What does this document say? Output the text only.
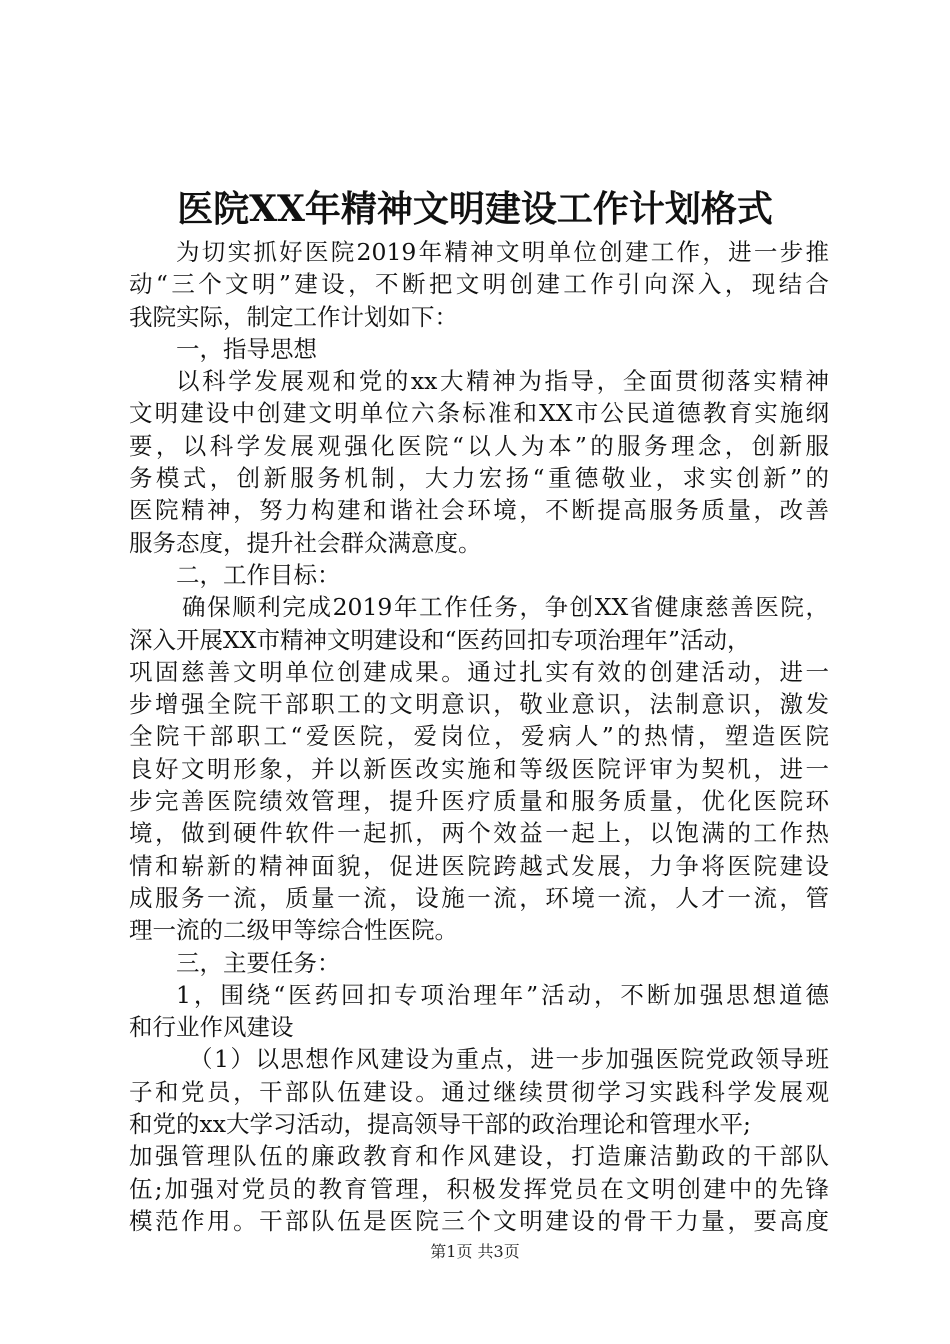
医院XX年精神文明建设工作计划格式
为切实抓好医院2019年精神文明单位创建工作，进一步推
动“三个文明”建设，不断把文明创建工作引向深入，现结合
我院实际，制定工作计划如下：
一，指导思想
以科学发展观和党的xx大精神为指导，全面贯彻落实精神
文明建设中创建文明单位六条标准和XX市公民道德教育实施纲
要，以科学发展观强化医院“以人为本”的服务理念，创新服
务模式，创新服务机制，大力宏扬“重德敬业，求实创新”的
医院精神，努力构建和谐社会环境，不断提高服务质量，改善
服务态度，提升社会群众满意度。
二，工作目标：
确保顺利完成2019年工作任务，争创XX省健康慈善医院，
深入开展XX市精神文明建设和“医药回扣专项治理年”活动，
巩固慈善文明单位创建成果。通过扎实有效的创建活动，进一
步增强全院干部职工的文明意识，敬业意识，法制意识，激发
全院干部职工“爱医院，爱岗位，爱病人”的热情，塑造医院
良好文明形象，并以新医改实施和等级医院评审为契机，进一
步完善医院绩效管理，提升医疗质量和服务质量，优化医院环
境，做到硬件软件一起抓，两个效益一起上，以饱满的工作热
情和崭新的精神面貌，促进医院跨越式发展，力争将医院建设
成服务一流，质量一流，设施一流，环境一流，人才一流，管
理一流的二级甲等综合性医院。
三，主要任务：
1，围绕“医药回扣专项治理年”活动，不断加强思想道德
和行业作风建设
（1）以思想作风建设为重点，进一步加强医院党政领导班
子和党员，干部队伍建设。通过继续贯彻学习实践科学发展观
和党的xx大学习活动，提高领导干部的政治理论和管理水平;
加强管理队伍的廉政教育和作风建设，打造廉洁勤政的干部队
伍;加强对党员的教育管理，积极发挥党员在文明创建中的先锋
模范作用。干部队伍是医院三个文明建设的骨干力量，要高度
第1页 共3页
